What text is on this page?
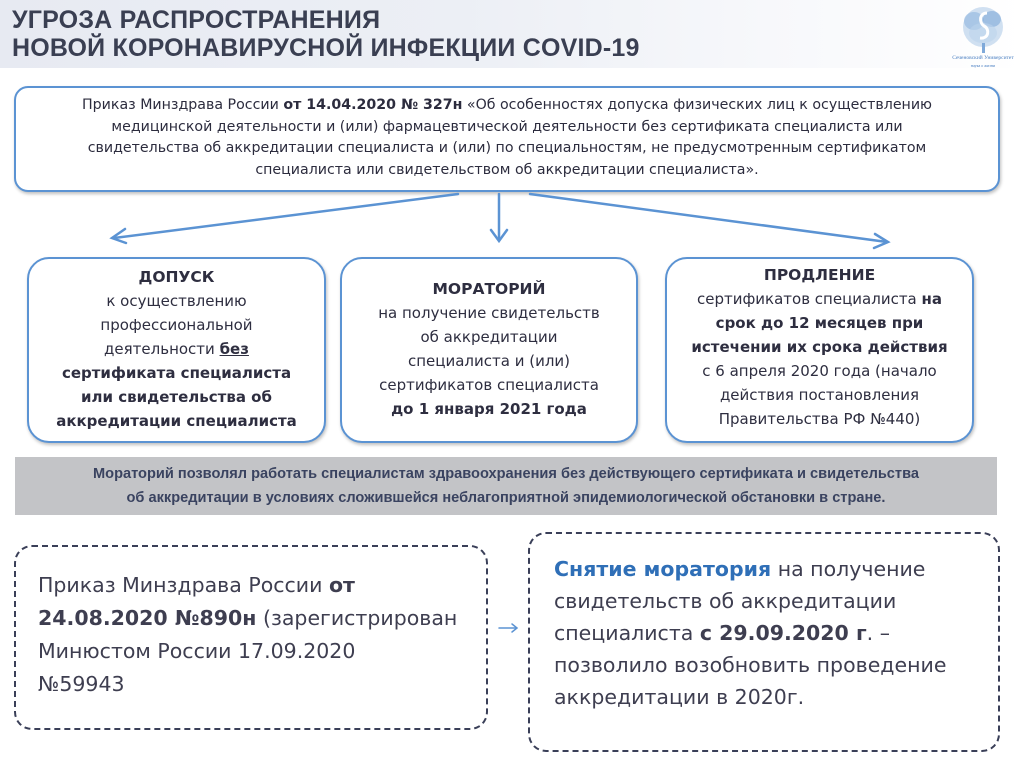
УГРОЗА РАСПРОСТРАНЕНИЯ
НОВОЙ КОРОНАВИРУСНОЙ ИНФЕКЦИИ COVID-19	Сеченовский Университет
наука о жизни
Приказ Минздрава России от 14.04.2020 № 327н «Об особенностях допуска физических лиц к осуществлению
медицинской деятельности и (или) фармацевтической деятельности без сертификата специалиста или
свидетельства об аккредитации специалиста и (или) по специальностям, не предусмотренным сертификатом
специалиста или свидетельством об аккредитации специалиста».
ДОПУСК
к осуществлению
профессиональной
деятельности без
сертификата специалиста
или свидетельства об
аккредитации специалиста
МОРАТОРИЙ
на получение свидетельств
об аккредитации
специалиста и (или)
сертификатов специалиста
до 1 января 2021 года
ПРОДЛЕНИЕ
сертификатов специалиста на
срок до 12 месяцев при
истечении их срока действия
с 6 апреля 2020 года (начало
действия постановления
Правительства РФ №440)
Мораторий позволял работать специалистам здравоохранения без действующего сертификата и свидетельства
об аккредитации в условиях сложившейся неблагоприятной эпидемиологической обстановки в стране.
Приказ Минздрава России от
24.08.2020 №890н (зарегистрирован
Минюстом России 17.09.2020
№59943
Снятие моратория на получение
свидетельств об аккредитации
специалиста с 29.09.2020 г. –
позволило возобновить проведение
аккредитации в 2020г.
